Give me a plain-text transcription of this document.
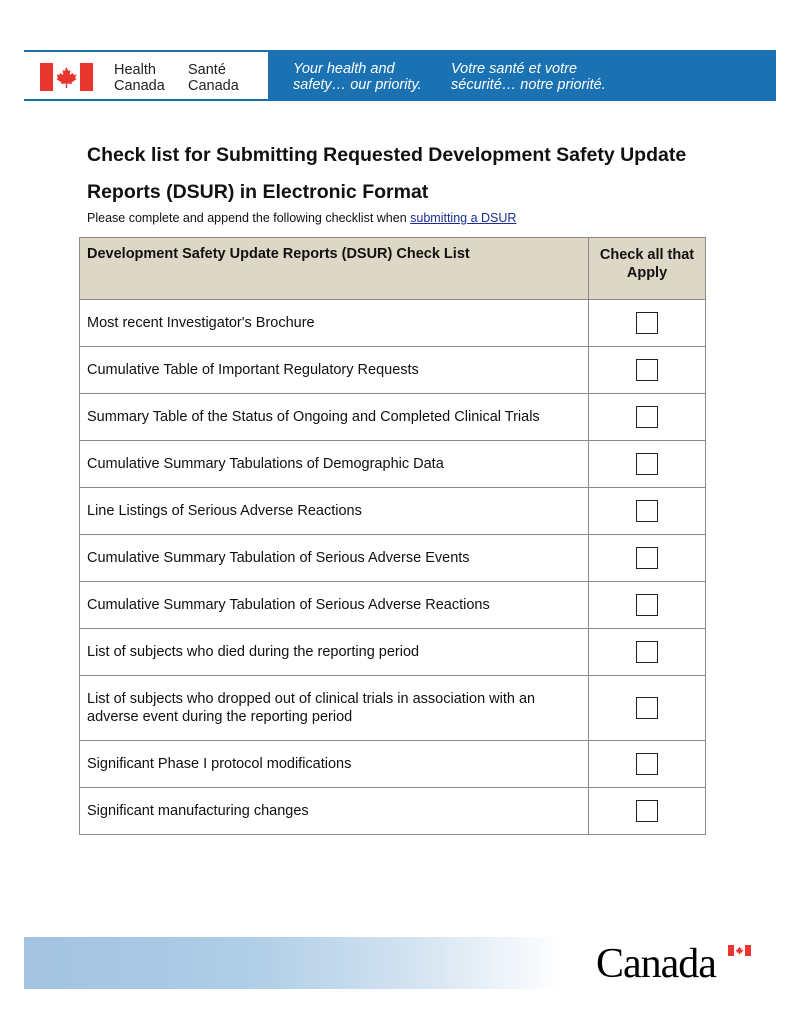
Health
Canada
Santé
Canada
Your health and
safety… our priority.
Votre santé et votre
sécurité… notre priorité.
Check list for Submitting Requested Development Safety Update Reports (DSUR) in Electronic Format
Please complete and append the following checklist when submitting a DSUR
Development Safety Update Reports (DSUR) Check List	Check all that Apply
Most recent Investigator's Brochure	
Cumulative Table of Important Regulatory Requests	
Summary Table of the Status of Ongoing and Completed Clinical Trials	
Cumulative Summary Tabulations of Demographic Data	
Line Listings of Serious Adverse Reactions	
Cumulative Summary Tabulation of Serious Adverse Events	
Cumulative Summary Tabulation of Serious Adverse Reactions	
List of subjects who died during the reporting period	
List of subjects who dropped out of clinical trials in association with an adverse event during the reporting period	
Significant Phase I protocol modifications	
Significant manufacturing changes	
Canada
